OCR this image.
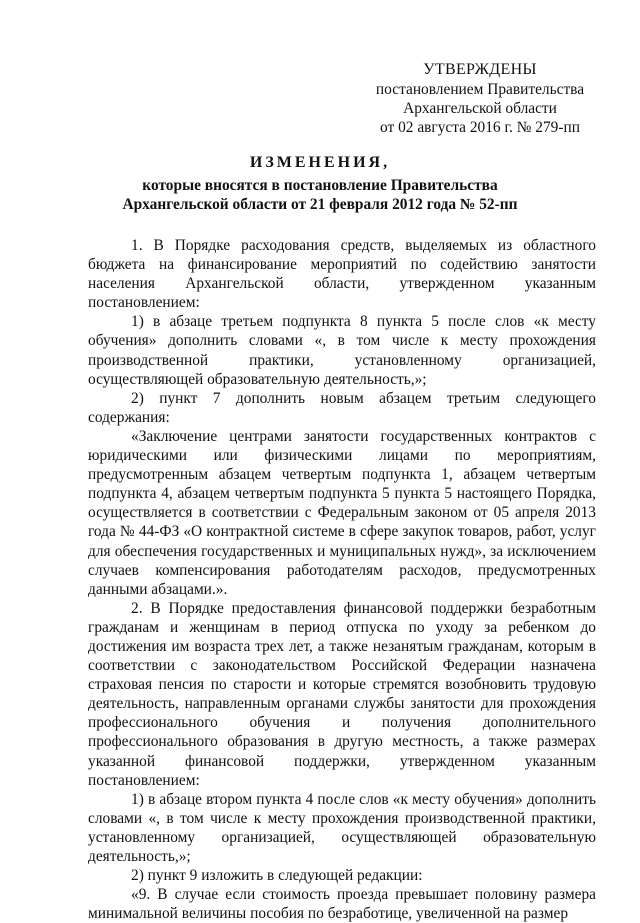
УТВЕРЖДЕНЫ
постановлением Правительства
Архангельской области
от 02 августа 2016 г. № 279-пп
ИЗМЕНЕНИЯ,
которые вносятся в постановление Правительства
Архангельской области от 21 февраля 2012 года № 52-пп

1. В Порядке расходования средств, выделяемых из областного бюджета на финансирование мероприятий по содействию занятости населения Архангельской области, утвержденном указанным постановлением:

1) в абзаце третьем подпункта 8 пункта 5 после слов «к месту обучения» дополнить словами «, в том числе к месту прохождения производственной практики, установленному организацией, осуществляющей образовательную деятельность,»;

2) пункт 7 дополнить новым абзацем третьим следующего содержания:

«Заключение центрами занятости государственных контрактов с юридическими или физическими лицами по мероприятиям, предусмотренным абзацем четвертым подпункта 1, абзацем четвертым подпункта 4, абзацем четвертым подпункта 5 пункта 5 настоящего Порядка, осуществляется в соответствии с Федеральным законом от 05 апреля 2013 года № 44-ФЗ «О контрактной системе в сфере закупок товаров, работ, услуг для обеспечения государственных и муниципальных нужд», за исключением случаев компенсирования работодателям расходов, предусмотренных данными абзацами.».

2. В Порядке предоставления финансовой поддержки безработным гражданам и женщинам в период отпуска по уходу за ребенком до достижения им возраста трех лет, а также незанятым гражданам, которым в соответствии с законодательством Российской Федерации назначена страховая пенсия по старости и которые стремятся возобновить трудовую деятельность, направленным органами службы занятости для прохождения профессионального обучения и получения дополнительного профессионального образования в другую местность, а также размерах указанной финансовой поддержки, утвержденном указанным постановлением:

1) в абзаце втором пункта 4 после слов «к месту обучения» дополнить словами «, в том числе к месту прохождения производственной практики, установленному организацией, осуществляющей образовательную деятельность,»;

2) пункт 9 изложить в следующей редакции:

«9. В случае если стоимость проезда превышает половину размера минимальной величины пособия по безработице, увеличенной на размер
